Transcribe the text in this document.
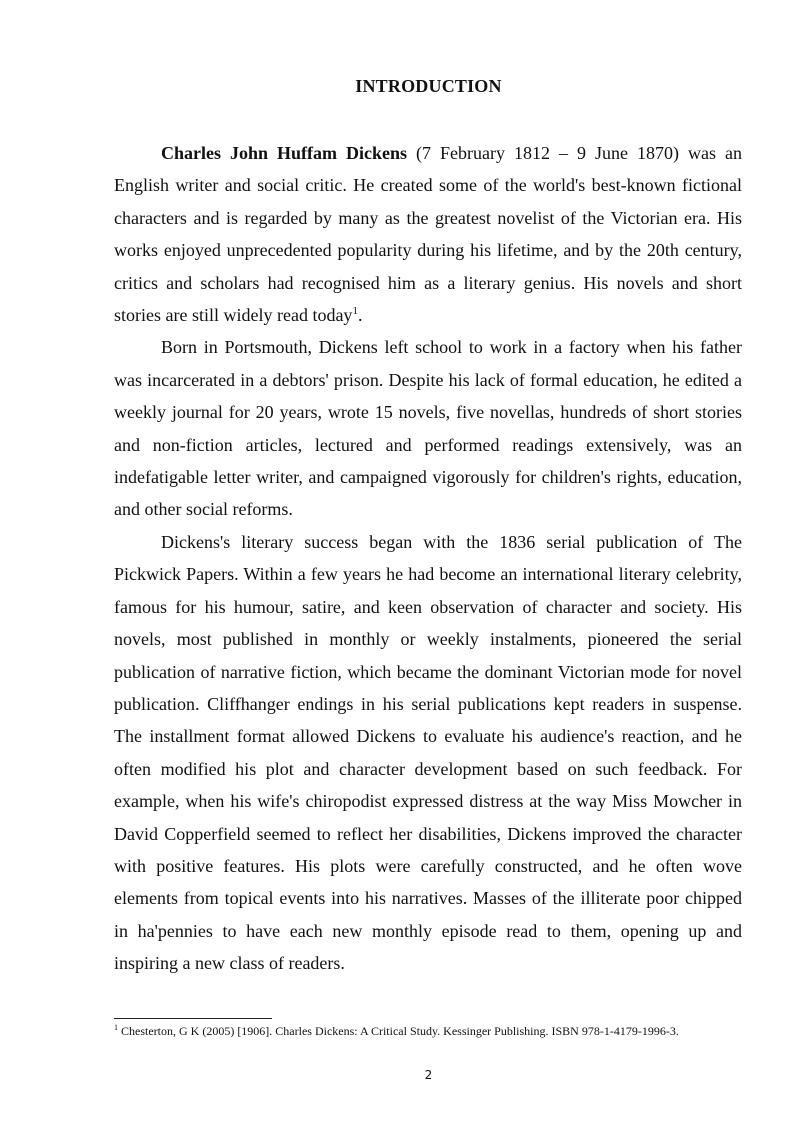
INTRODUCTION

Charles John Huffam Dickens (7 February 1812 – 9 June 1870) was an English writer and social critic. He created some of the world's best-known fictional characters and is regarded by many as the greatest novelist of the Victorian era. His works enjoyed unprecedented popularity during his lifetime, and by the 20th century, critics and scholars had recognised him as a literary genius. His novels and short stories are still widely read today$^1$.

Born in Portsmouth, Dickens left school to work in a factory when his father was incarcerated in a debtors' prison. Despite his lack of formal education, he edited a weekly journal for 20 years, wrote 15 novels, five novellas, hundreds of short stories and non-fiction articles, lectured and performed readings extensively, was an indefatigable letter writer, and campaigned vigorously for children's rights, education, and other social reforms.

Dickens's literary success began with the 1836 serial publication of The Pickwick Papers. Within a few years he had become an international literary celebrity, famous for his humour, satire, and keen observation of character and society. His novels, most published in monthly or weekly instalments, pioneered the serial publication of narrative fiction, which became the dominant Victorian mode for novel publication. Cliffhanger endings in his serial publications kept readers in suspense. The installment format allowed Dickens to evaluate his audience's reaction, and he often modified his plot and character development based on such feedback. For example, when his wife's chiropodist expressed distress at the way Miss Mowcher in David Copperfield seemed to reflect her disabilities, Dickens improved the character with positive features. His plots were carefully constructed, and he often wove elements from topical events into his narratives. Masses of the illiterate poor chipped in ha'pennies to have each new monthly episode read to them, opening up and inspiring a new class of readers.

$^1$ Chesterton, G K (2005) [1906]. Charles Dickens: A Critical Study. Kessinger Publishing. ISBN 978-1-4179-1996-3.
2
